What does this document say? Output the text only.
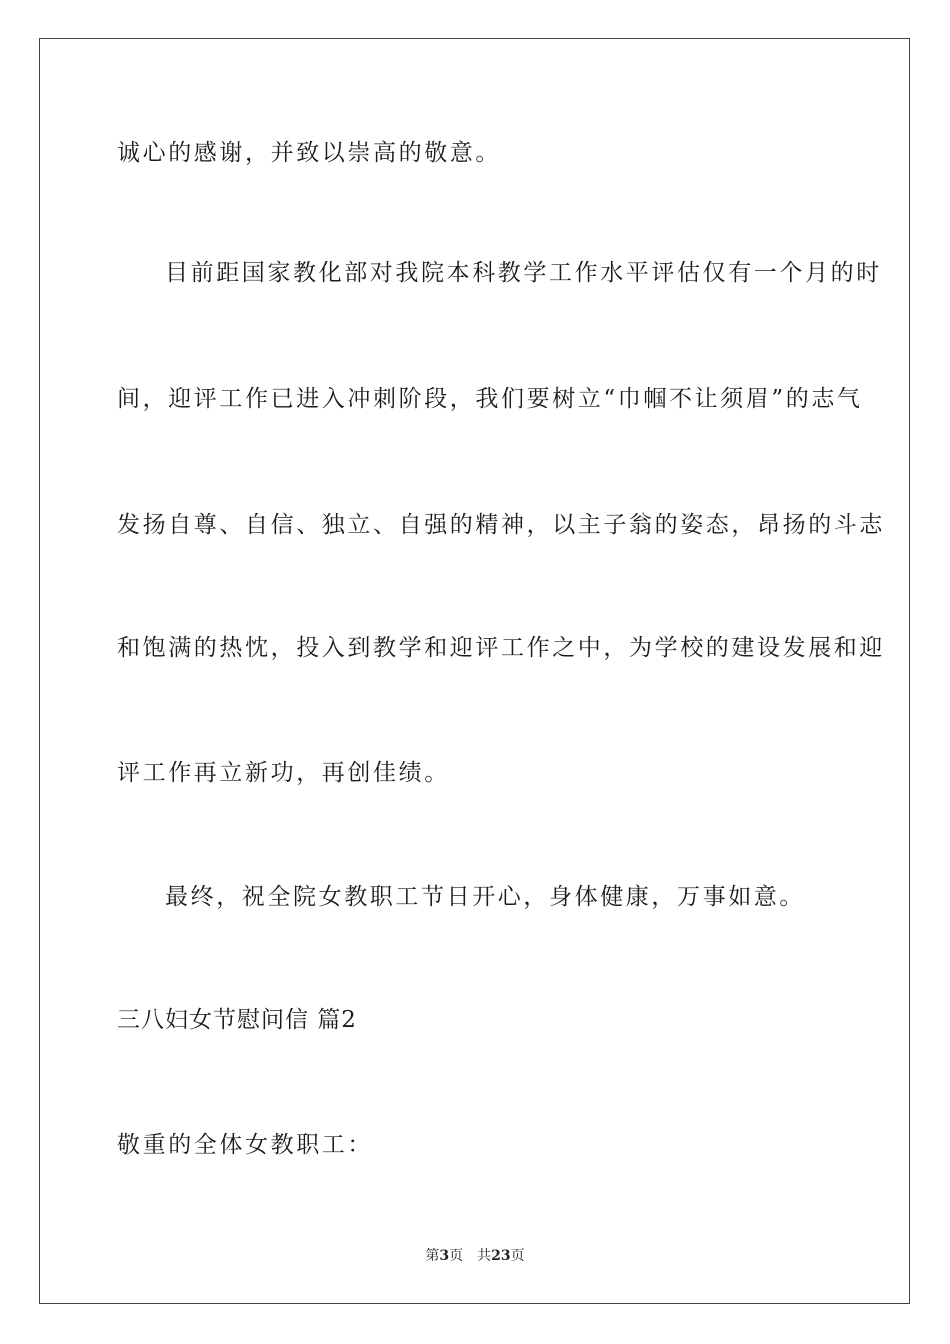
诚心的感谢，并致以崇高的敬意。
目前距国家教化部对我院本科教学工作水平评估仅有一个月的时
间，迎评工作已进入冲刺阶段，我们要树立“巾帼不让须眉”的志气
发扬自尊、自信、独立、自强的精神，以主子翁的姿态，昂扬的斗志
和饱满的热忱，投入到教学和迎评工作之中，为学校的建设发展和迎
评工作再立新功，再创佳绩。
最终，祝全院女教职工节日开心，身体健康，万事如意。
三八妇女节慰问信 篇2
敬重的全体女教职工：
第3页 共23页
